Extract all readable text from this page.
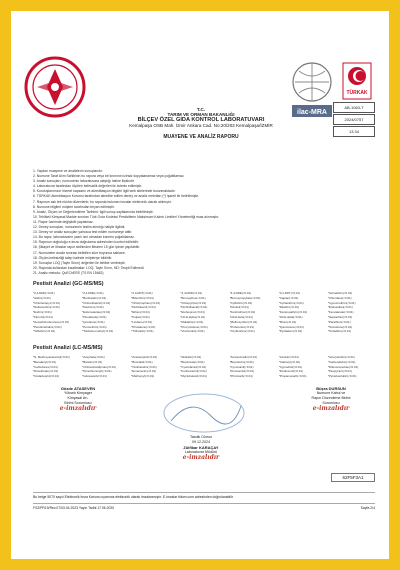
ilac-MRA
TÜRKAK
AB-1063-T
2024/0757
13.34
T.C.
TARIM VE ORMAN BAKANLIĞI
BİLÇEV ÖZEL GIDA KONTROL LABORATUVARI
Kemalpaşa OSB Mah. İzmir Ankara Cad. No:20/202 Kemalpaşa/İZMİR
MUAYENE VE ANALİZ RAPORU
1. Yapılan muayene ve analizlerin sonuçlarıdır.
2. Numune Taraf Alım Sahibinin bu rapora veya bir kısmının izinsiz kopyalanamaz veya çoğaltılamaz.
3. Analiz sonuçları, numunenin laboratuvara ulaştığı haline ilişkindir.
4. Laboratuvar tarafından ölçülen belirsizlik değerleri ile tahmin edilmiştir.
5. Kuruluşlarımızın hizmet kapsamı ve akreditasyon bilgileri ilgili web sitelerinde bulunmaktadır.
6. TÜRKAK Akreditasyon Kurumu tarafından akredite edilen deney ve analiz metotları (*) işareti ile belirtilmiştir.
7. Raporun aslı tek nüsha düzenlenir; bu raporda bulunan imzalar elektronik olarak atılmıştır.
8. Numune bilgileri müşteri tarafından beyan edilmiştir.
9. Analiz, Ölçüm ve Değerlendirme Tarihleri: ilgili sonuç sayfalarında belirtilmiştir.
10. Tehlikeli Kimyasal Madde sınırları Türk Gıda Kodeksi Pestisitlerin Maksimum Kalıntı Limitleri Yönetmeliği esas alınmıştır.
11. Rapor üzerinde değişiklik yapılamaz.
12. Deney sonuçları, numunenin teslim alındığı haliyle ilgilidir.
13. Deney ve analiz sonuçları yalnızca test edilen numuneye aittir.
14. Bu rapor, laboratuvarın yazılı izni olmadan kısmen çoğaltılamaz.
15. Raporun doğruluğu e-imza doğrulama adresinden kontrol edilebilir.
16. Şikayet ve itirazlar rapor tarihinden itibaren 15 gün içinde yapılabilir.
17. Numuneler analiz sonrası belirtilen süre boyunca saklanır.
18. Ölçüm belirsizliği talep halinde müşteriye bildirilir.
19. Sonuçlar LOQ (Tayin Sınırı) değerleri ile birlikte verilmiştir.
20. Raporda kullanılan kısaltmalar: LOQ: Tayin Sınırı, ND: Tespit Edilmedi.
21. Analiz metodu: QuEChERS (TS EN 15662).
Pestisit Analizi (GC-MS/MS)
*2,4-DDD(<0.01)	*2,4-DDE(<0.01)	*2,4-DDT(<0.01)	*4,4-DDD(<0.01)	*4,4-DDE(<0.01)	*4,4-DDT(<0.01)	*Acrinathrin(<0.01)
*Aldrin(<0.01)	*Benfluralin(<0.01)	*Bifenthrin(<0.01)	*Bromophos(<0.01)	*Bromopropylate(<0.01)	*Captan(<0.01)	*Chlordane(<0.01)
*Chlorfenapyr(<0.01)	*Chlorothalonil(<0.01)	*Chlorpropham(<0.01)	*Chlorpyrifos(<0.01)	*Cyfluthrin(<0.01)	*Cyhalothrin(<0.01)	*Cypermethrin(<0.01)
*Deltamethrin(<0.01)	*Diazinon(<0.01)	*Dichlobenil(<0.01)	*Dichlofluanid(<0.01)	*Dicofol(<0.01)	*Dieldrin(<0.01)	*Endosulfan(<0.01)
*Endrin(<0.01)	*Esfenvalerate(<0.01)	*Ethion(<0.01)	*Etofenprox(<0.01)	*Fenitrothion(<0.01)	*Fenpropathrin(<0.01)	*Fenvalerate(<0.01)
*Fipronil(<0.01)	*Fluvalinate(<0.01)	*Folpet(<0.01)	*HCH-alpha(<0.01)	*HCH-beta(<0.01)	*HCH-delta(<0.01)	*Heptachlor(<0.01)
*Hexachlorobenzene(<0.01)	*Iprodione(<0.01)	*Lindane(<0.01)	*Malathion(<0.01)	*Methoxychlor(<0.01)	*Mirex(<0.01)	*Parathion(<0.01)
*Pendimethalin(<0.01)	*Permethrin(<0.01)	*Phosalone(<0.01)	*Procymidone(<0.01)	*Profenofos(<0.01)	*Quintozene(<0.01)	*Tecnazene(<0.01)
*Tefluthrin(<0.01)	*Tolclofos-methyl(<0.01)	*Trifluralin(<0.01)	*Vinclozolin(<0.01)	*Oxyfluorfen(<0.01)	*Pyridaben(<0.01)	*Tetradifon(<0.01)
Pestisit Analizi (LC-MS/MS)
*N, Methoxyacetamid(<0.01)	*Acephate(<0.01)	*Acetamiprid(<0.01)	*Aldicarb(<0.01)	*Ametoctradin(<0.01)	*Amitraz(<0.01)	*Azoxystrobin(<0.01)
*Benalaxyl(<0.01)	*Bixafen(<0.01)	*Boscalid(<0.01)	*Bupirimate(<0.01)	*Buprofezin(<0.01)	*Carbaryl(<0.01)	*Carbendazim(<0.01)
*Carbofuran(<0.01)	*Chlorantraniliprole(<0.01)	*Clothianidin(<0.01)	*Cyazofamid(<0.01)	*Cymoxanil(<0.01)	*Cyprodinil(<0.01)	*Difenoconazole(<0.01)
*Dimethoate(<0.01)	*Dimethomorph(<0.01)	*Emamectin(<0.01)	*Fenhexamid(<0.01)	*Flonicamid(<0.01)	*Fludioxonil(<0.01)	*Fluopyram(<0.01)
*Imidacloprid(<0.01)	*Indoxacarb(<0.01)	*Methomyl(<0.01)	*Myclobutanil(<0.01)	*Pirimicarb(<0.01)	*Propamocarb(<0.01)	*Pyraclostrobin(<0.01)
Gözde ATASEVEN
Yüksek Kimyager
Kimyasal Arı.
Birimi Sorumlusu
e-imzalıdır
Büşra DURSUN
Numune Kabul ve
Rapor Düzenleme Birimi
Sorumlusu
e-imzalıdır
Tasdik Olunur
09.12.2024
Zülfikar KARAÇAY
Laboratuvar Müdürü
e-imzalıdır
62F5F3A1
Bu belge 5070 sayılı Elektronik İmza Kanunu uyarınca elektronik olarak imzalanmıştır. E-imzalar bilcev.com adresinden doğrulanabilir.
FS2/PR19/Rev.07/03.04.2023 Yayın Tarihi:17.06.2020	Sayfa 2/4
